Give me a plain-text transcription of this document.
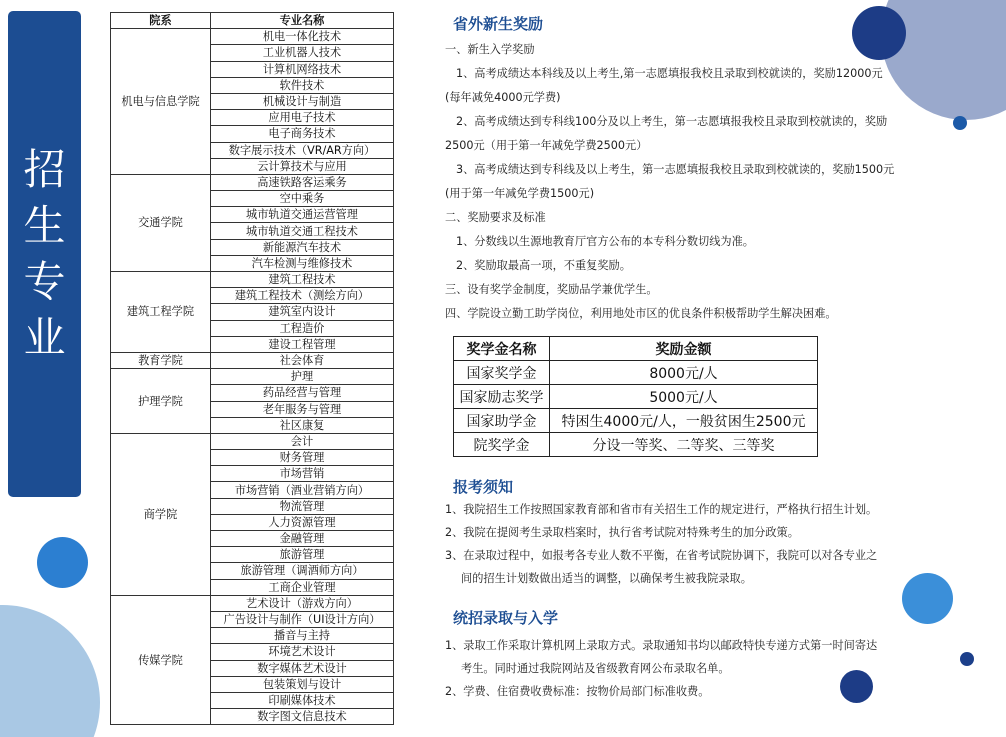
招生专业
院系	专业名称
机电与信息学院	机电一体化技术
	工业机器人技术
	计算机网络技术
	软件技术
	机械设计与制造
	应用电子技术
	电子商务技术
	数字展示技术（VR/AR方向）
	云计算技术与应用
交通学院	高速铁路客运乘务
	空中乘务
	城市轨道交通运营管理
	城市轨道交通工程技术
	新能源汽车技术
	汽车检测与维修技术
建筑工程学院	建筑工程技术
	建筑工程技术（测绘方向）
	建筑室内设计
	工程造价
	建设工程管理
教育学院	社会体育
护理学院	护理
	药品经营与管理
	老年服务与管理
	社区康复
商学院	会计
	财务管理
	市场营销
	市场营销（酒业营销方向）
	物流管理
	人力资源管理
	金融管理
	旅游管理
	旅游管理（调酒师方向）
	工商企业管理
传媒学院	艺术设计（游戏方向）
	广告设计与制作（UI设计方向）
	播音与主持
	环境艺术设计
	数字媒体艺术设计
	包装策划与设计
	印刷媒体技术
	数字图文信息技术
省外新生奖励
一、新生入学奖励
1、高考成绩达本科线及以上考生,第一志愿填报我校且录取到校就读的，奖励12000元
(每年减免4000元学费)
2、高考成绩达到专科线100分及以上考生，第一志愿填报我校且录取到校就读的，奖励
2500元（用于第一年减免学费2500元）
3、高考成绩达到专科线及以上考生，第一志愿填报我校且录取到校就读的，奖励1500元
(用于第一年减免学费1500元)
二、奖励要求及标准
1、分数线以生源地教育厅官方公布的本专科分数切线为准。
2、奖励取最高一项，不重复奖励。
三、设有奖学金制度，奖励品学兼优学生。
四、学院设立勤工助学岗位，利用地处市区的优良条件积极帮助学生解决困难。
奖学金名称	奖励金额
国家奖学金	8000元/人
国家励志奖学	5000元/人
国家助学金	特困生4000元/人，一般贫困生2500元
院奖学金	分设一等奖、二等奖、三等奖
报考须知
1、我院招生工作按照国家教育部和省市有关招生工作的规定进行，严格执行招生计划。
2、我院在提阅考生录取档案时，执行省考试院对特殊考生的加分政策。
3、在录取过程中，如报考各专业人数不平衡，在省考试院协调下，我院可以对各专业之
间的招生计划数做出适当的调整，以确保考生被我院录取。
统招录取与入学
1、录取工作采取计算机网上录取方式。录取通知书均以邮政特快专递方式第一时间寄达
考生。同时通过我院网站及省级教育网公布录取名单。
2、学费、住宿费收费标准：按物价局部门标准收费。
